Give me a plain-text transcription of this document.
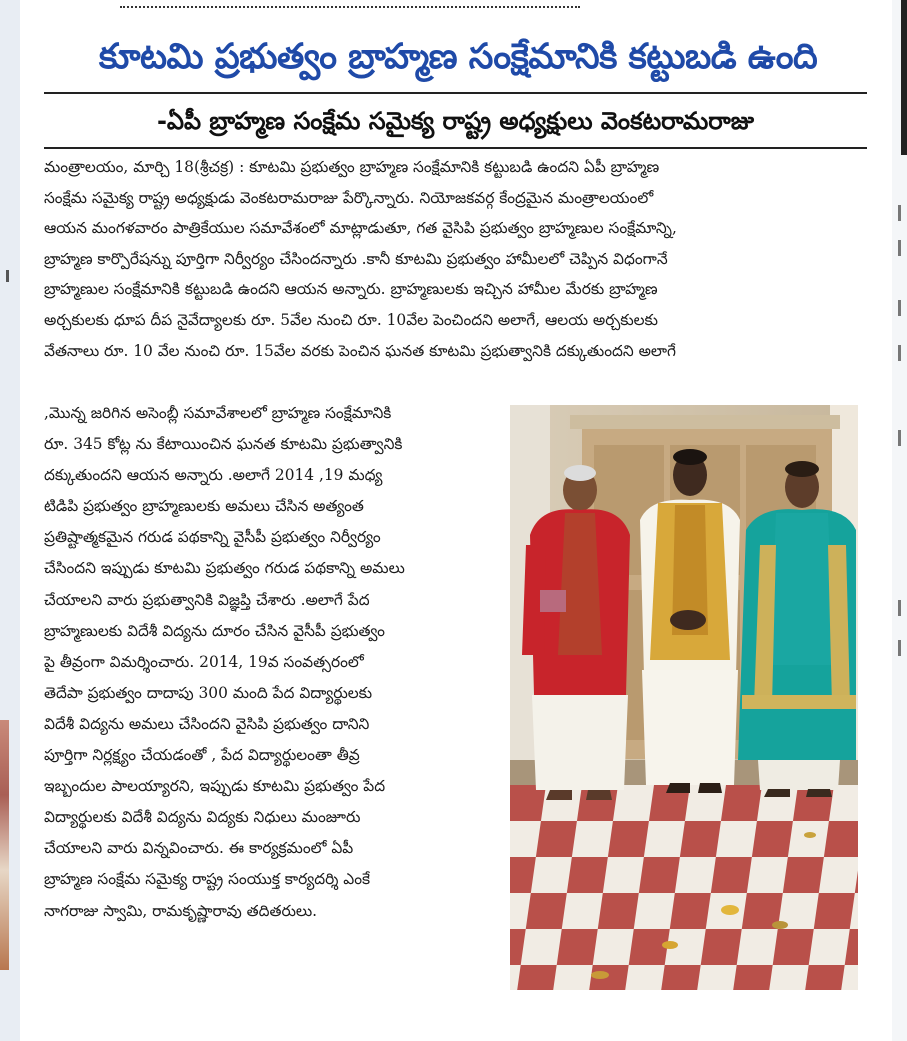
కూటమి ప్రభుత్వం బ్రాహ్మణ సంక్షేమానికి కట్టుబడి ఉంది
-ఏపీ బ్రాహ్మణ సంక్షేమ సమైక్య రాష్ట్ర అధ్యక్షులు వెంకటరామరాజు
మంత్రాలయం, మార్చి 18(శ్రీచక్ర) : కూటమి ప్రభుత్వం బ్రాహ్మణ సంక్షేమానికి కట్టుబడి ఉందని ఏపీ బ్రాహ్మణ
సంక్షేమ సమైక్య రాష్ట్ర అధ్యక్షుడు వెంకటరామరాజు పేర్కొన్నారు. నియోజకవర్గ కేంద్రమైన మంత్రాలయంలో
ఆయన మంగళవారం పాత్రికేయుల సమావేశంలో మాట్లాడుతూ, గత వైసిపి ప్రభుత్వం బ్రాహ్మణుల సంక్షేమాన్ని,
బ్రాహ్మణ కార్పొరేషన్ను పూర్తిగా నిర్వీర్యం చేసిందన్నారు .కానీ కూటమి ప్రభుత్వం హామీలలో చెప్పిన విధంగానే
బ్రాహ్మణుల సంక్షేమానికి కట్టుబడి ఉందని ఆయన అన్నారు. బ్రాహ్మణులకు ఇచ్చిన హామీల మేరకు బ్రాహ్మణ
అర్చకులకు ధూప దీప నైవేద్యాలకు రూ. 5వేల నుంచి రూ. 10వేల పెంచిందని అలాగే, ఆలయ అర్చకులకు
వేతనాలు రూ. 10 వేల నుంచి రూ. 15వేల వరకు పెంచిన ఘనత కూటమి ప్రభుత్వానికి దక్కుతుందని అలాగే
,మొన్న జరిగిన అసెంబ్లీ సమావేశాలలో బ్రాహ్మణ సంక్షేమానికి
రూ. 345 కోట్ల ను కేటాయించిన ఘనత కూటమి ప్రభుత్వానికి
దక్కుతుందని ఆయన అన్నారు .అలాగే 2014 ,19 మధ్య
టిడిపి ప్రభుత్వం బ్రాహ్మణులకు అమలు చేసిన అత్యంత
ప్రతిష్టాత్మకమైన గరుడ పథకాన్ని వైసీపీ ప్రభుత్వం నిర్వీర్యం
చేసిందని ఇప్పుడు కూటమి ప్రభుత్వం గరుడ పథకాన్ని అమలు
చేయాలని వారు ప్రభుత్వానికి విజ్ఞప్తి చేశారు .అలాగే పేద
బ్రాహ్మణులకు విదేశీ విద్యను దూరం చేసిన వైసీపీ ప్రభుత్వం
పై తీవ్రంగా విమర్శించారు. 2014, 19వ సంవత్సరంలో
తెదేపా ప్రభుత్వం దాదాపు 300 మంది పేద విద్యార్థులకు
విదేశీ విద్యను అమలు చేసిందని వైసిపి ప్రభుత్వం దానిని
పూర్తిగా నిర్లక్ష్యం చేయడంతో , పేద విద్యార్థులంతా తీవ్ర
ఇబ్బందుల పాలయ్యారని, ఇప్పుడు కూటమి ప్రభుత్వం పేద
విద్యార్థులకు విదేశీ విద్యను విద్యకు నిధులు మంజూరు
చేయాలని వారు విన్నవించారు. ఈ కార్యక్రమంలో ఏపీ
బ్రాహ్మణ సంక్షేమ సమైక్య రాష్ట్ర సంయుక్త కార్యదర్శి ఎంకే
నాగరాజు స్వామి, రామకృష్ణారావు తదితరులు.
